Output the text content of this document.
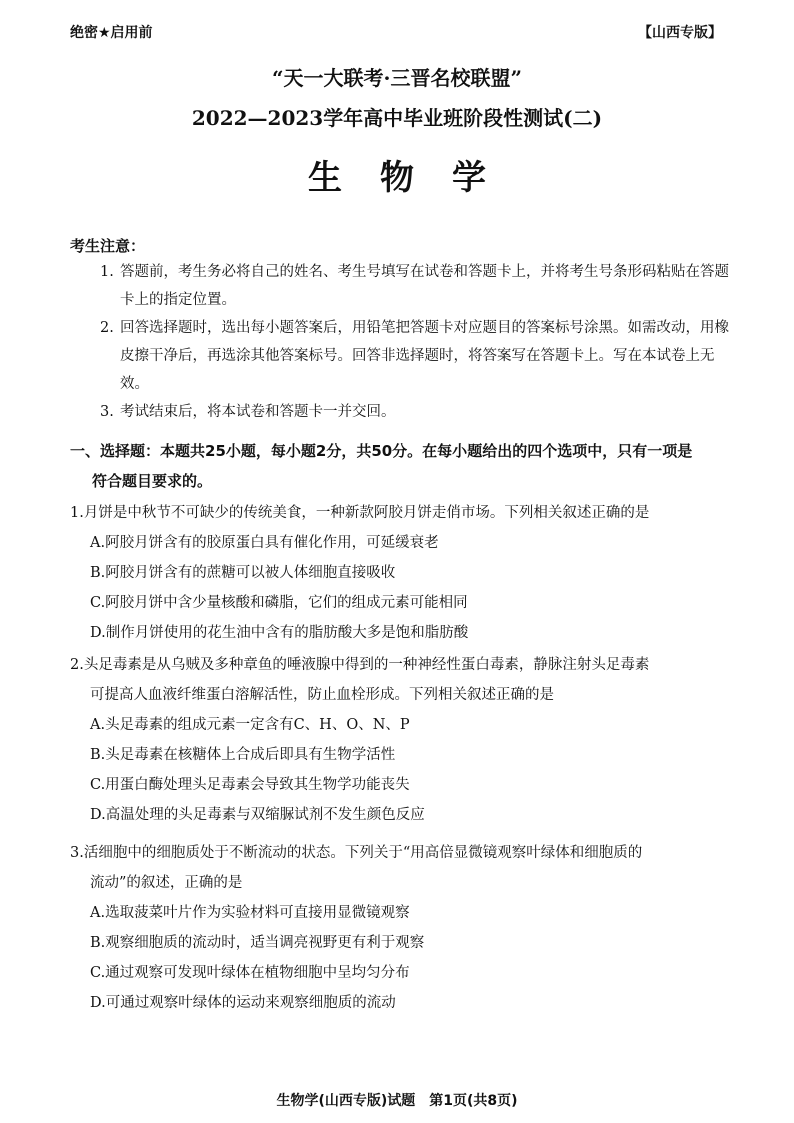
绝密★启用前	【山西专版】
“天一大联考·三晋名校联盟”
2022—2023学年高中毕业班阶段性测试(二)
生物学
考生注意：
1. 答题前，考生务必将自己的姓名、考生号填写在试卷和答题卡上，并将考生号条形码粘贴在答题卡上的指定位置。
2. 回答选择题时，选出每小题答案后，用铅笔把答题卡对应题目的答案标号涂黑。如需改动，用橡皮擦干净后，再选涂其他答案标号。回答非选择题时，将答案写在答题卡上。写在本试卷上无效。
3. 考试结束后，将本试卷和答题卡一并交回。
一、选择题：本题共25小题，每小题2分，共50分。在每小题给出的四个选项中，只有一项是
符合题目要求的。
1.月饼是中秋节不可缺少的传统美食，一种新款阿胶月饼走俏市场。下列相关叙述正确的是
A.阿胶月饼含有的胶原蛋白具有催化作用，可延缓衰老
B.阿胶月饼含有的蔗糖可以被人体细胞直接吸收
C.阿胶月饼中含少量核酸和磷脂，它们的组成元素可能相同
D.制作月饼使用的花生油中含有的脂肪酸大多是饱和脂肪酸
2.头足毒素是从乌贼及多种章鱼的唾液腺中得到的一种神经性蛋白毒素，静脉注射头足毒素
可提高人血液纤维蛋白溶解活性，防止血栓形成。下列相关叙述正确的是
A.头足毒素的组成元素一定含有C、H、O、N、P
B.头足毒素在核糖体上合成后即具有生物学活性
C.用蛋白酶处理头足毒素会导致其生物学功能丧失
D.高温处理的头足毒素与双缩脲试剂不发生颜色反应
3.活细胞中的细胞质处于不断流动的状态。下列关于“用高倍显微镜观察叶绿体和细胞质的
流动”的叙述，正确的是
A.选取菠菜叶片作为实验材料可直接用显微镜观察
B.观察细胞质的流动时，适当调亮视野更有利于观察
C.通过观察可发现叶绿体在植物细胞中呈均匀分布
D.可通过观察叶绿体的运动来观察细胞质的流动
生物学(山西专版)试题　第1页(共8页)
